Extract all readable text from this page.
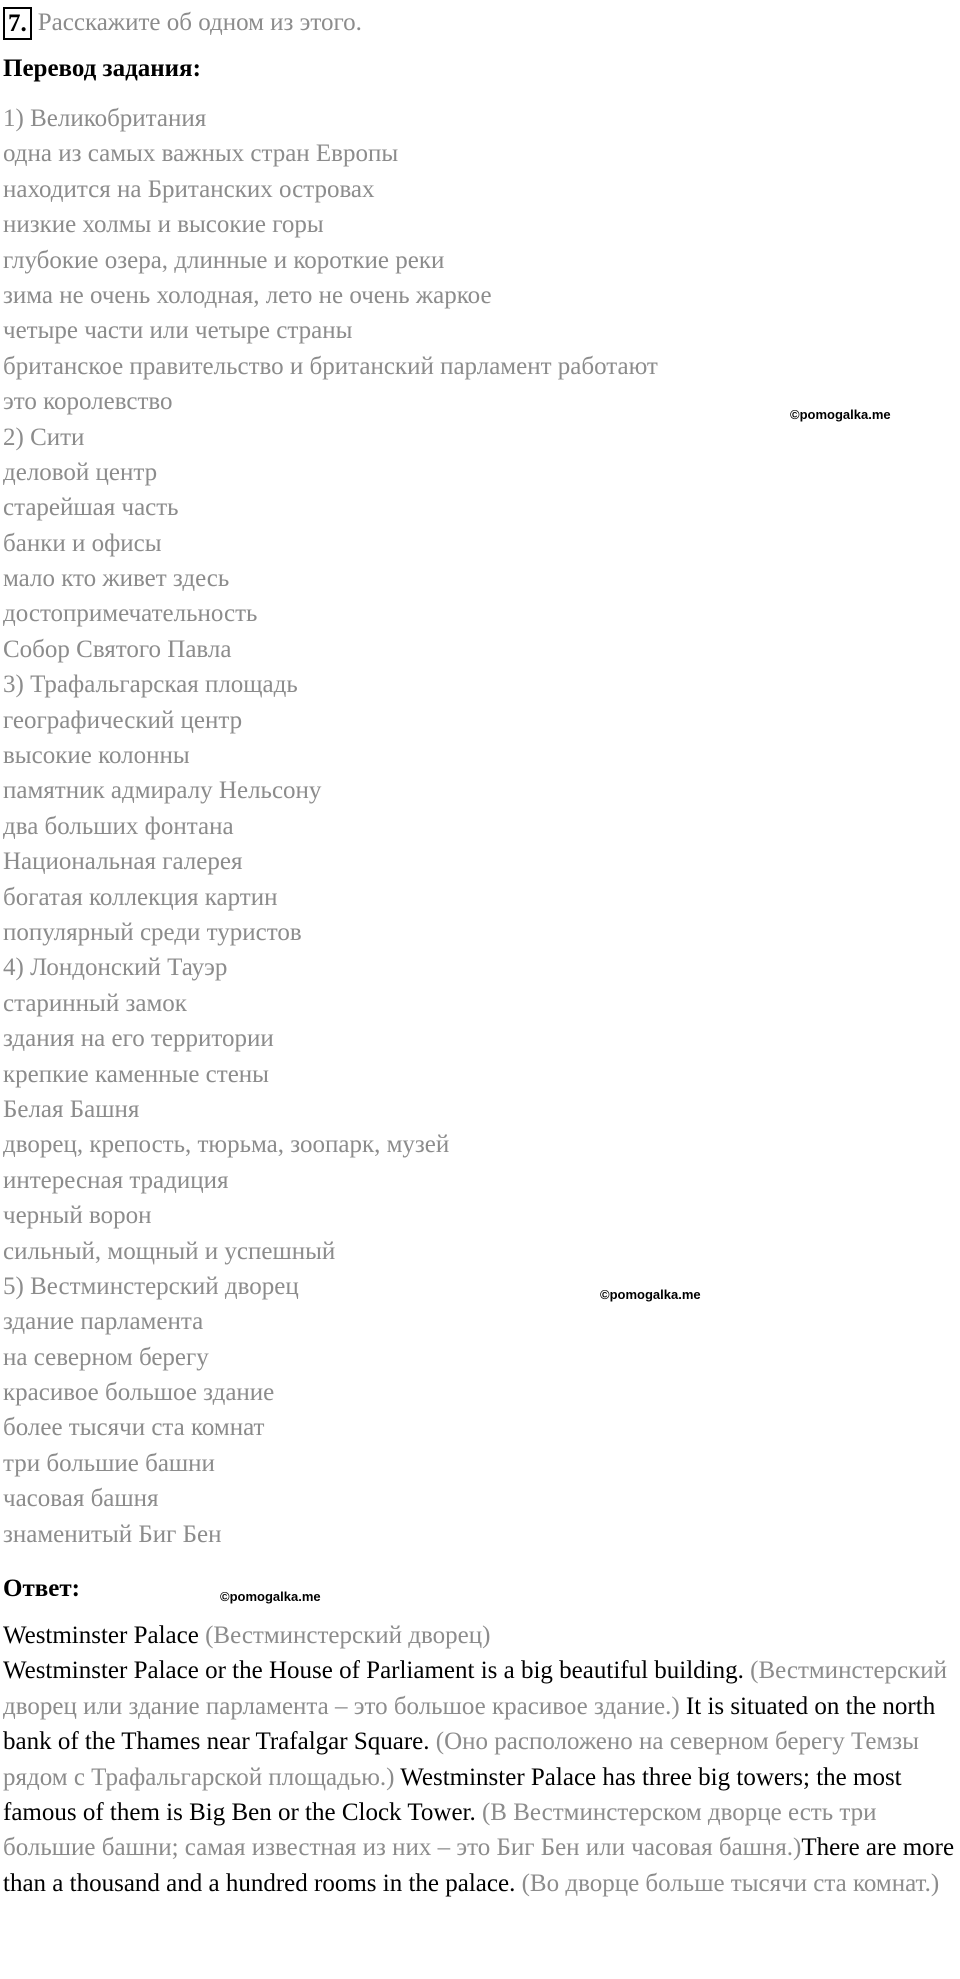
7. Расскажите об одном из этого.
Перевод задания:
1) Великобритания
одна из самых важных стран Европы
находится на Британских островах
низкие холмы и высокие горы
глубокие озера, длинные и короткие реки
зима не очень холодная, лето не очень жаркое
четыре части или четыре страны
британское правительство и британский парламент работают
это королевство
2) Сити
деловой центр
старейшая часть
банки и офисы
мало кто живет здесь
достопримечательность
Собор Святого Павла
3) Трафальгарская площадь
географический центр
высокие колонны
памятник адмиралу Нельсону
два больших фонтана
Национальная галерея
богатая коллекция картин
популярный среди туристов
4) Лондонский Тауэр
старинный замок
здания на его территории
крепкие каменные стены
Белая Башня
дворец, крепость, тюрьма, зоопарк, музей
интересная традиция
черный ворон
сильный, мощный и успешный
5) Вестминстерский дворец
здание парламента
на северном берегу
красивое большое здание
более тысячи ста комнат
три большие башни
часовая башня
знаменитый Биг Бен
©pomogalka.me
©pomogalka.me
Ответ:	©pomogalka.me

Westminster Palace (Вестминстерский дворец)

Westminster Palace or the House of Parliament is a big beautiful building. (Вестминстерский дворец или здание парламента – это большое красивое здание.) It is situated on the north bank of the Thames near Trafalgar Square. (Оно расположено на северном берегу Темзы рядом с Трафальгарской площадью.) Westminster Palace has three big towers; the most famous of them is Big Ben or the Clock Tower. (В Вестминстерском дворце есть три большие башни; самая известная из них – это Биг Бен или часовая башня.)There are more than a thousand and a hundred rooms in the palace. (Во дворце больше тысячи ста комнат.)
